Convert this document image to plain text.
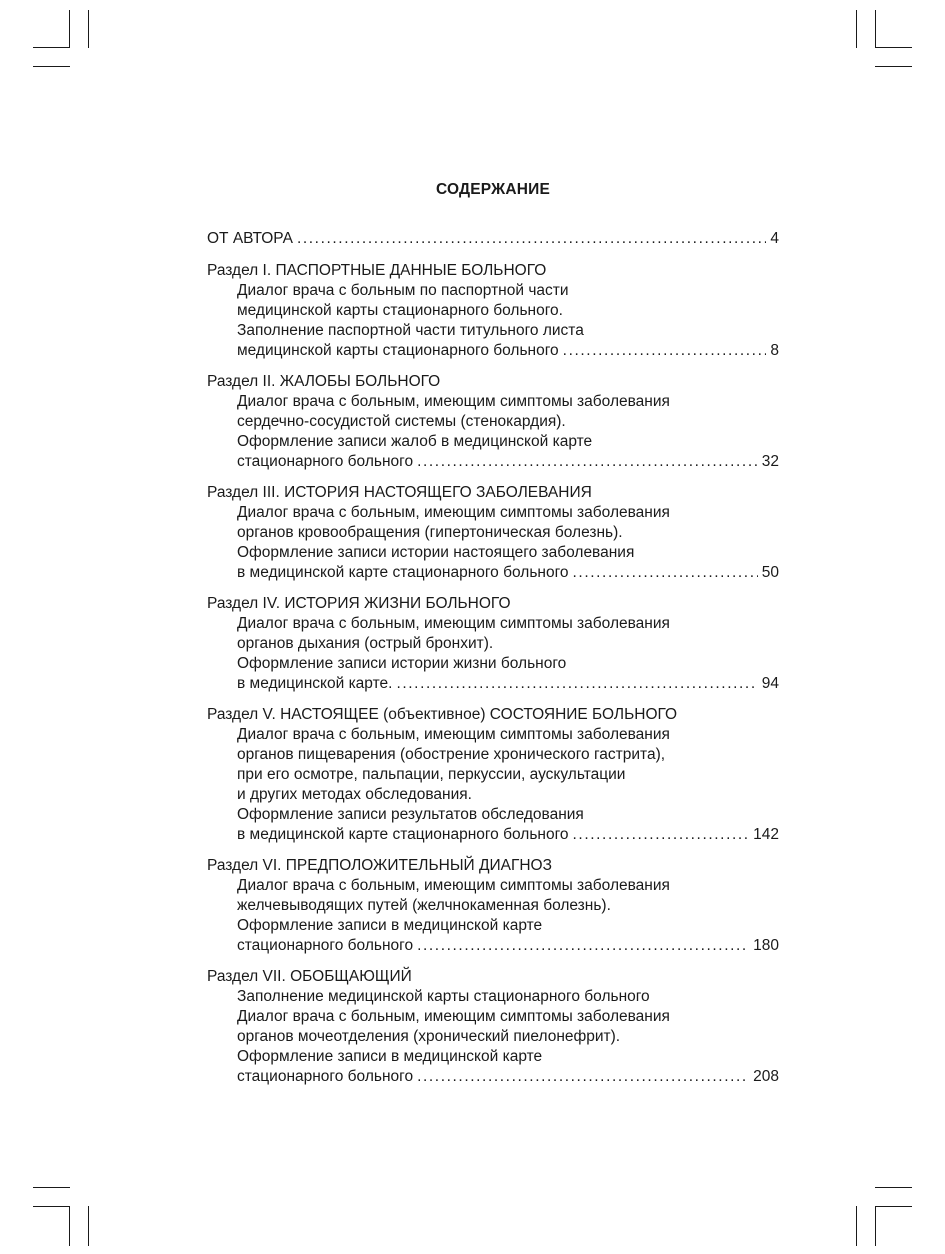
СОДЕРЖАНИЕ
ОТ АВТОРА .....	4
Раздел I. ПАСПОРТНЫЕ ДАННЫЕ БОЛЬНОГО
Диалог врача с больным по паспортной части
медицинской карты стационарного больного.
Заполнение паспортной части титульного листа
медицинской карты стационарного больного .....	8
Раздел II. ЖАЛОБЫ БОЛЬНОГО
Диалог врача с больным, имеющим симптомы заболевания
сердечно-сосудистой системы (стенокардия).
Оформление записи жалоб в медицинской карте
стационарного больного .....	32
Раздел III. ИСТОРИЯ НАСТОЯЩЕГО ЗАБОЛЕВАНИЯ
Диалог врача с больным, имеющим симптомы заболевания
органов кровообращения (гипертоническая болезнь).
Оформление записи истории настоящего заболевания
в медицинской карте стационарного больного .....	50
Раздел IV. ИСТОРИЯ ЖИЗНИ БОЛЬНОГО
Диалог врача с больным, имеющим симптомы заболевания
органов дыхания (острый бронхит).
Оформление записи истории жизни больного
в медицинской карте. .....	94
Раздел V. НАСТОЯЩЕЕ (объективное) СОСТОЯНИЕ БОЛЬНОГО
Диалог врача с больным, имеющим симптомы заболевания
органов пищеварения (обострение хронического гастрита),
при его осмотре, пальпации, перкуссии, аускультации
и других методах обследования.
Оформление записи результатов обследования
в медицинской карте стационарного больного .....	142
Раздел VI. ПРЕДПОЛОЖИТЕЛЬНЫЙ ДИАГНОЗ
Диалог врача с больным, имеющим симптомы заболевания
желчевыводящих путей (желчнокаменная болезнь).
Оформление записи в медицинской карте
стационарного больного .....	180
Раздел VII. ОБОБЩАЮЩИЙ
Заполнение медицинской карты стационарного больного
Диалог врача с больным, имеющим симптомы заболевания
органов мочеотделения (хронический пиелонефрит).
Оформление записи в медицинской карте
стационарного больного .....	208
